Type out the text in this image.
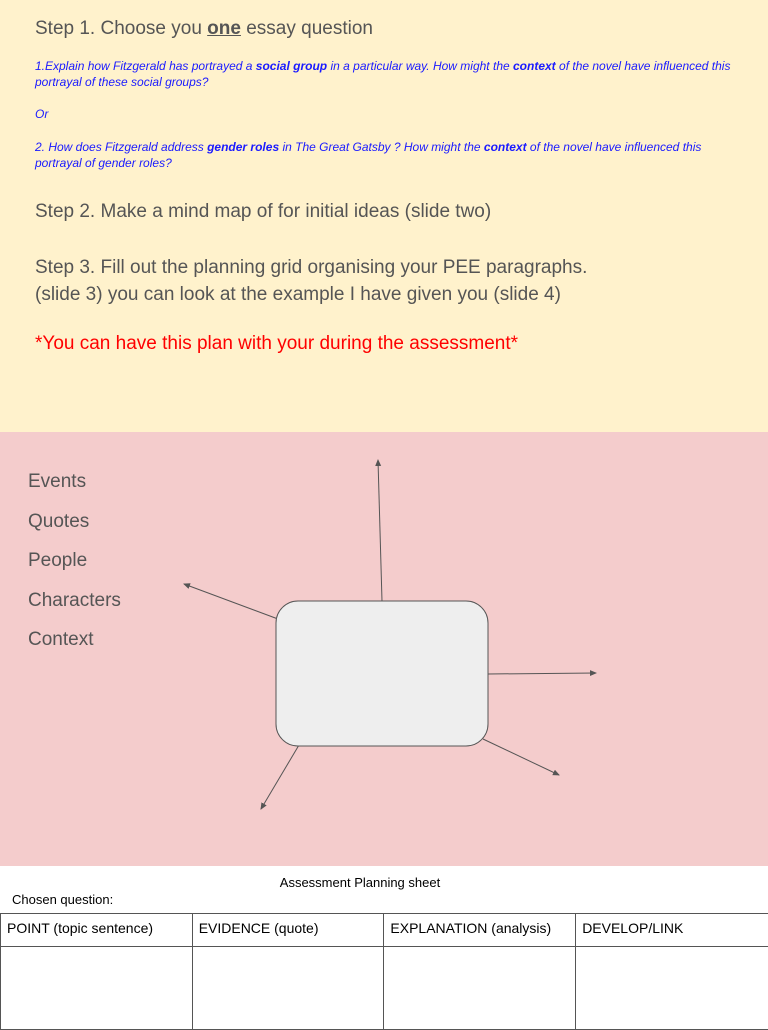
Step 1. Choose you one essay question
1.Explain how Fitzgerald has portrayed a social group in a particular way. How might the context of the novel have influenced this portrayal of these social groups?
Or
2. How does Fitzgerald address gender roles in The Great Gatsby ? How might the context of the novel have influenced this portrayal of gender roles?
Step 2. Make a mind map of for initial ideas (slide two)
Step 3. Fill out the planning grid organising your PEE paragraphs.
(slide 3) you can look at the example I have given you (slide 4)
*You can have this plan with your during the assessment*
Events
Quotes
People
Characters
Context
Assessment Planning sheet
Chosen question:
POINT (topic sentence)	EVIDENCE (quote)	EXPLANATION (analysis)	DEVELOP/LINK
